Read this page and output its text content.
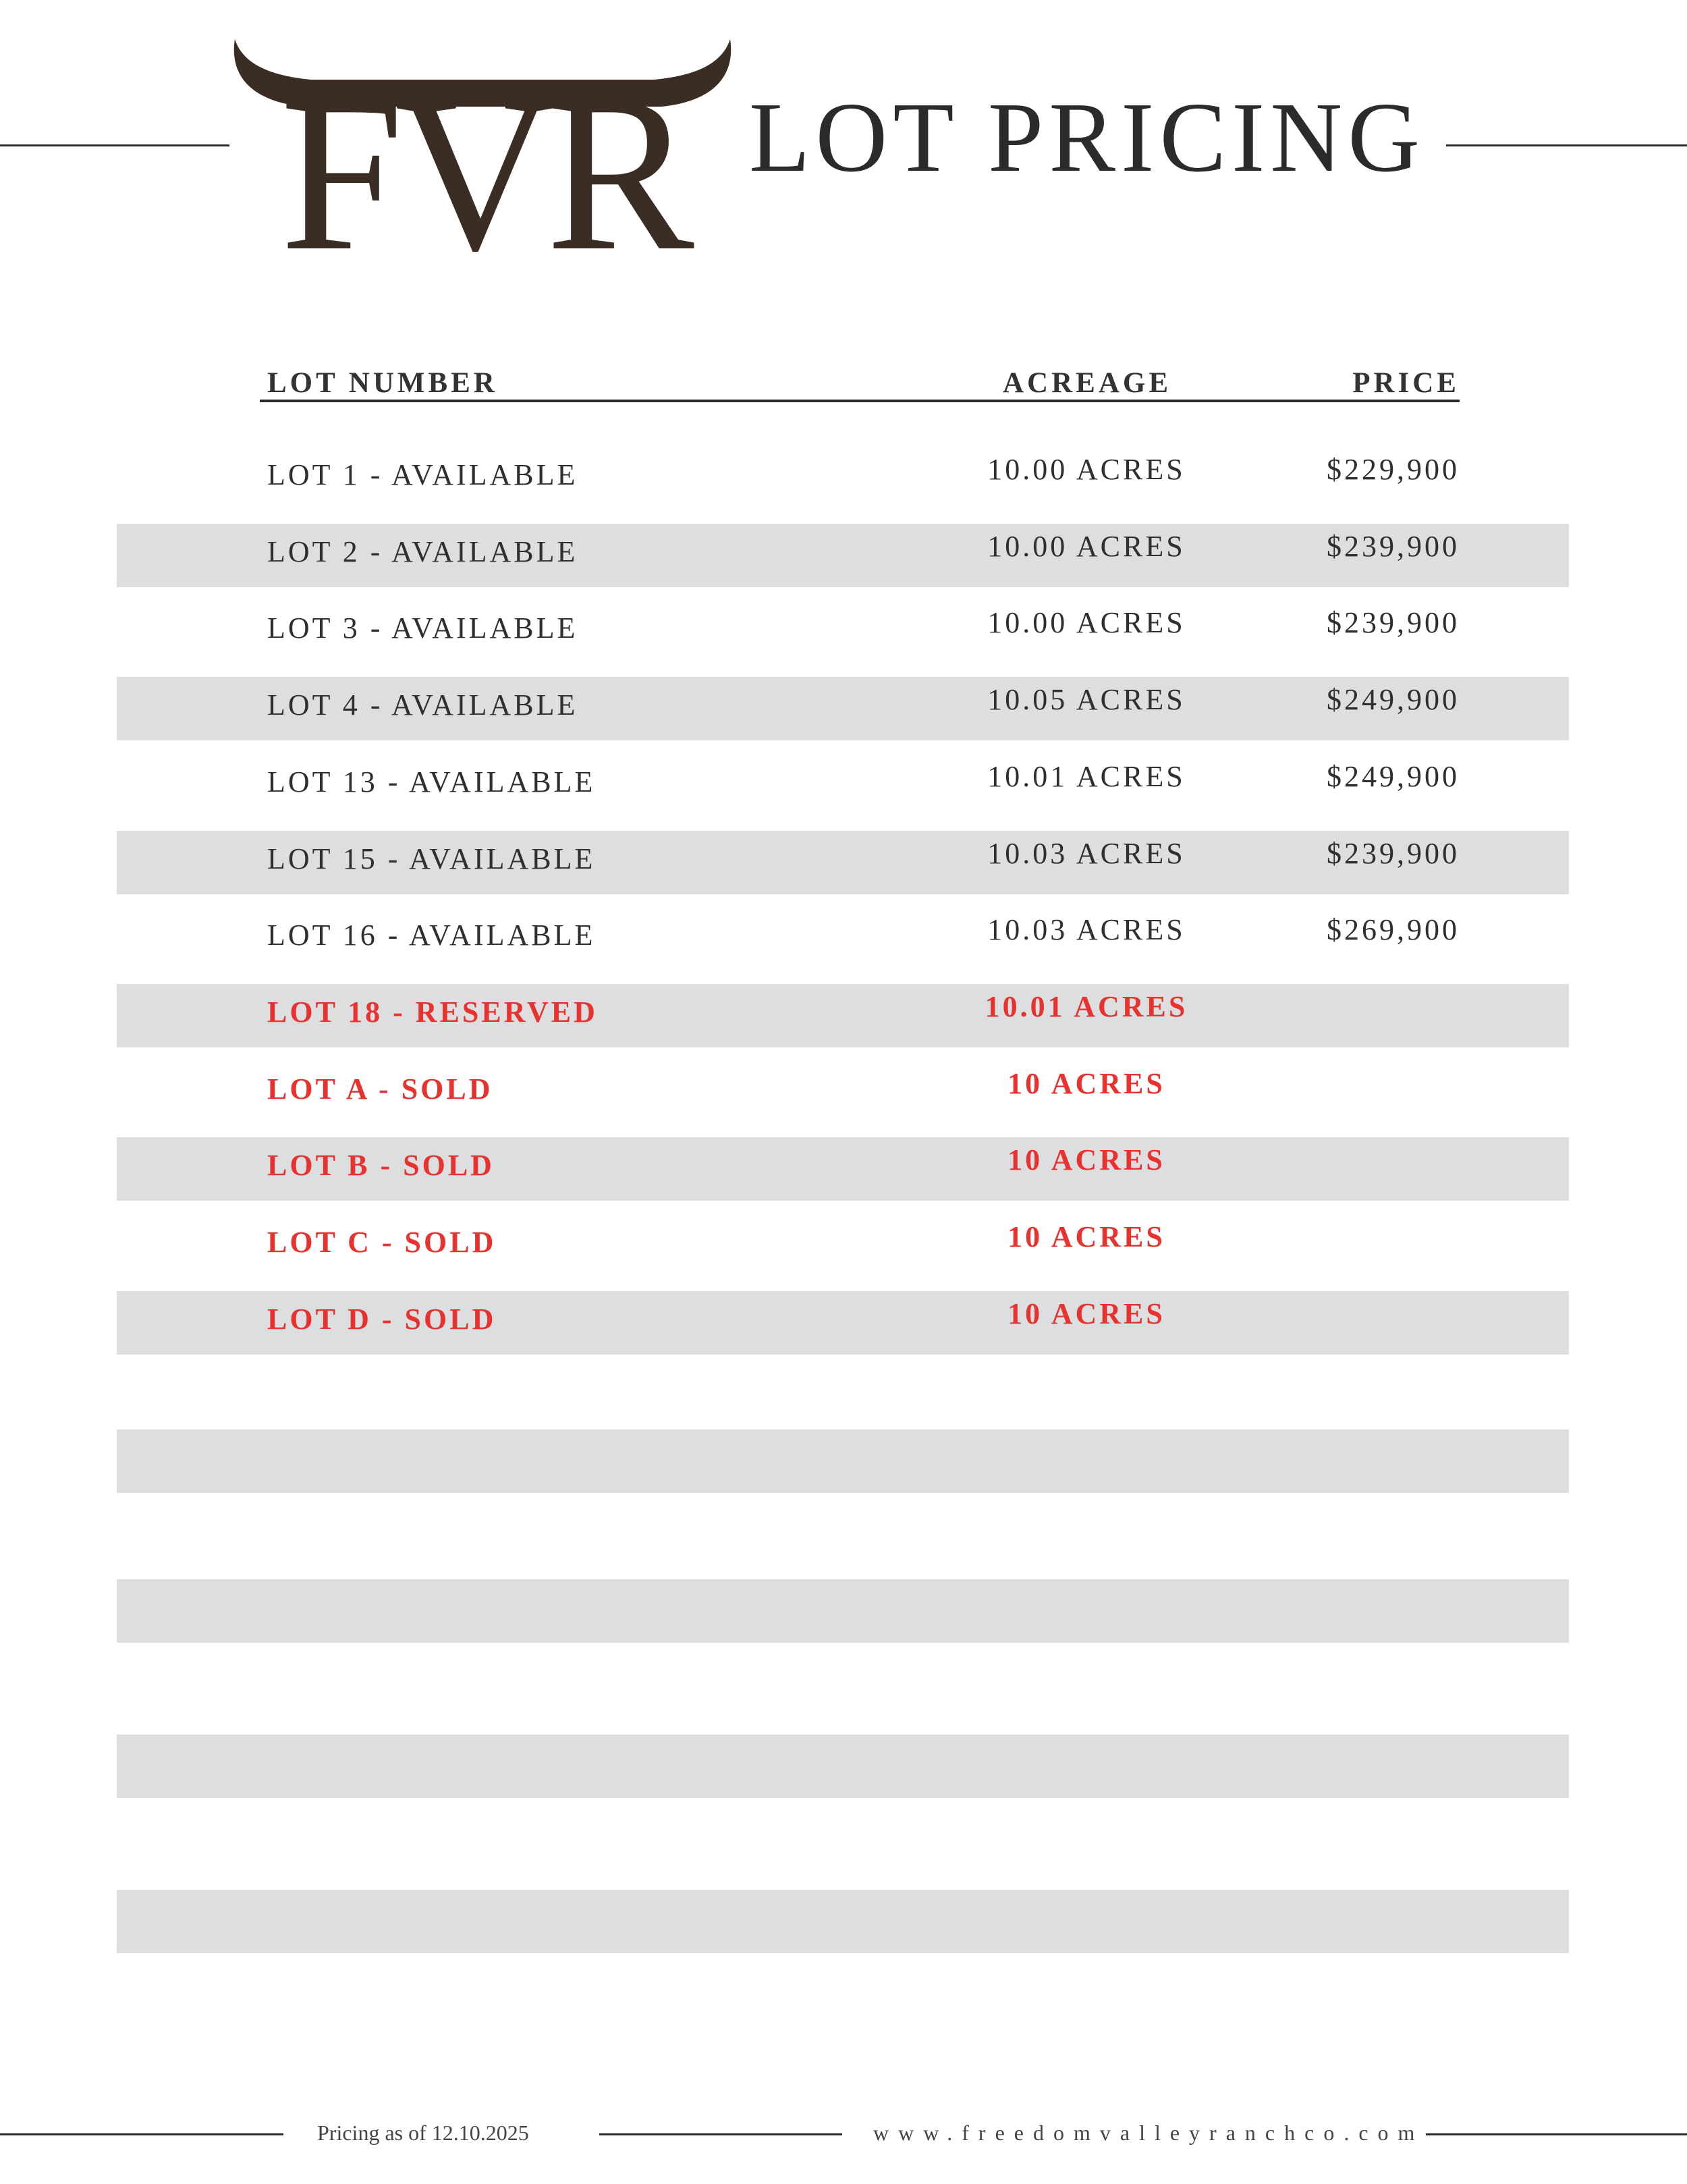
FVR LOT PRICING
LOT NUMBER	ACREAGE	PRICE
LOT 1 - AVAILABLE	10.00 ACRES	$229,900
LOT 2 - AVAILABLE	10.00 ACRES	$239,900
LOT 3 - AVAILABLE	10.00 ACRES	$239,900
LOT 4 - AVAILABLE	10.05 ACRES	$249,900
LOT 13 - AVAILABLE	10.01 ACRES	$249,900
LOT 15 - AVAILABLE	10.03 ACRES	$239,900
LOT 16 - AVAILABLE	10.03 ACRES	$269,900
LOT 18 - RESERVED	10.01 ACRES
LOT A - SOLD	10 ACRES
LOT B - SOLD	10 ACRES
LOT C - SOLD	10 ACRES
LOT D - SOLD	10 ACRES
Pricing as of 12.10.2025	www.freedomvalleyranchco.com
